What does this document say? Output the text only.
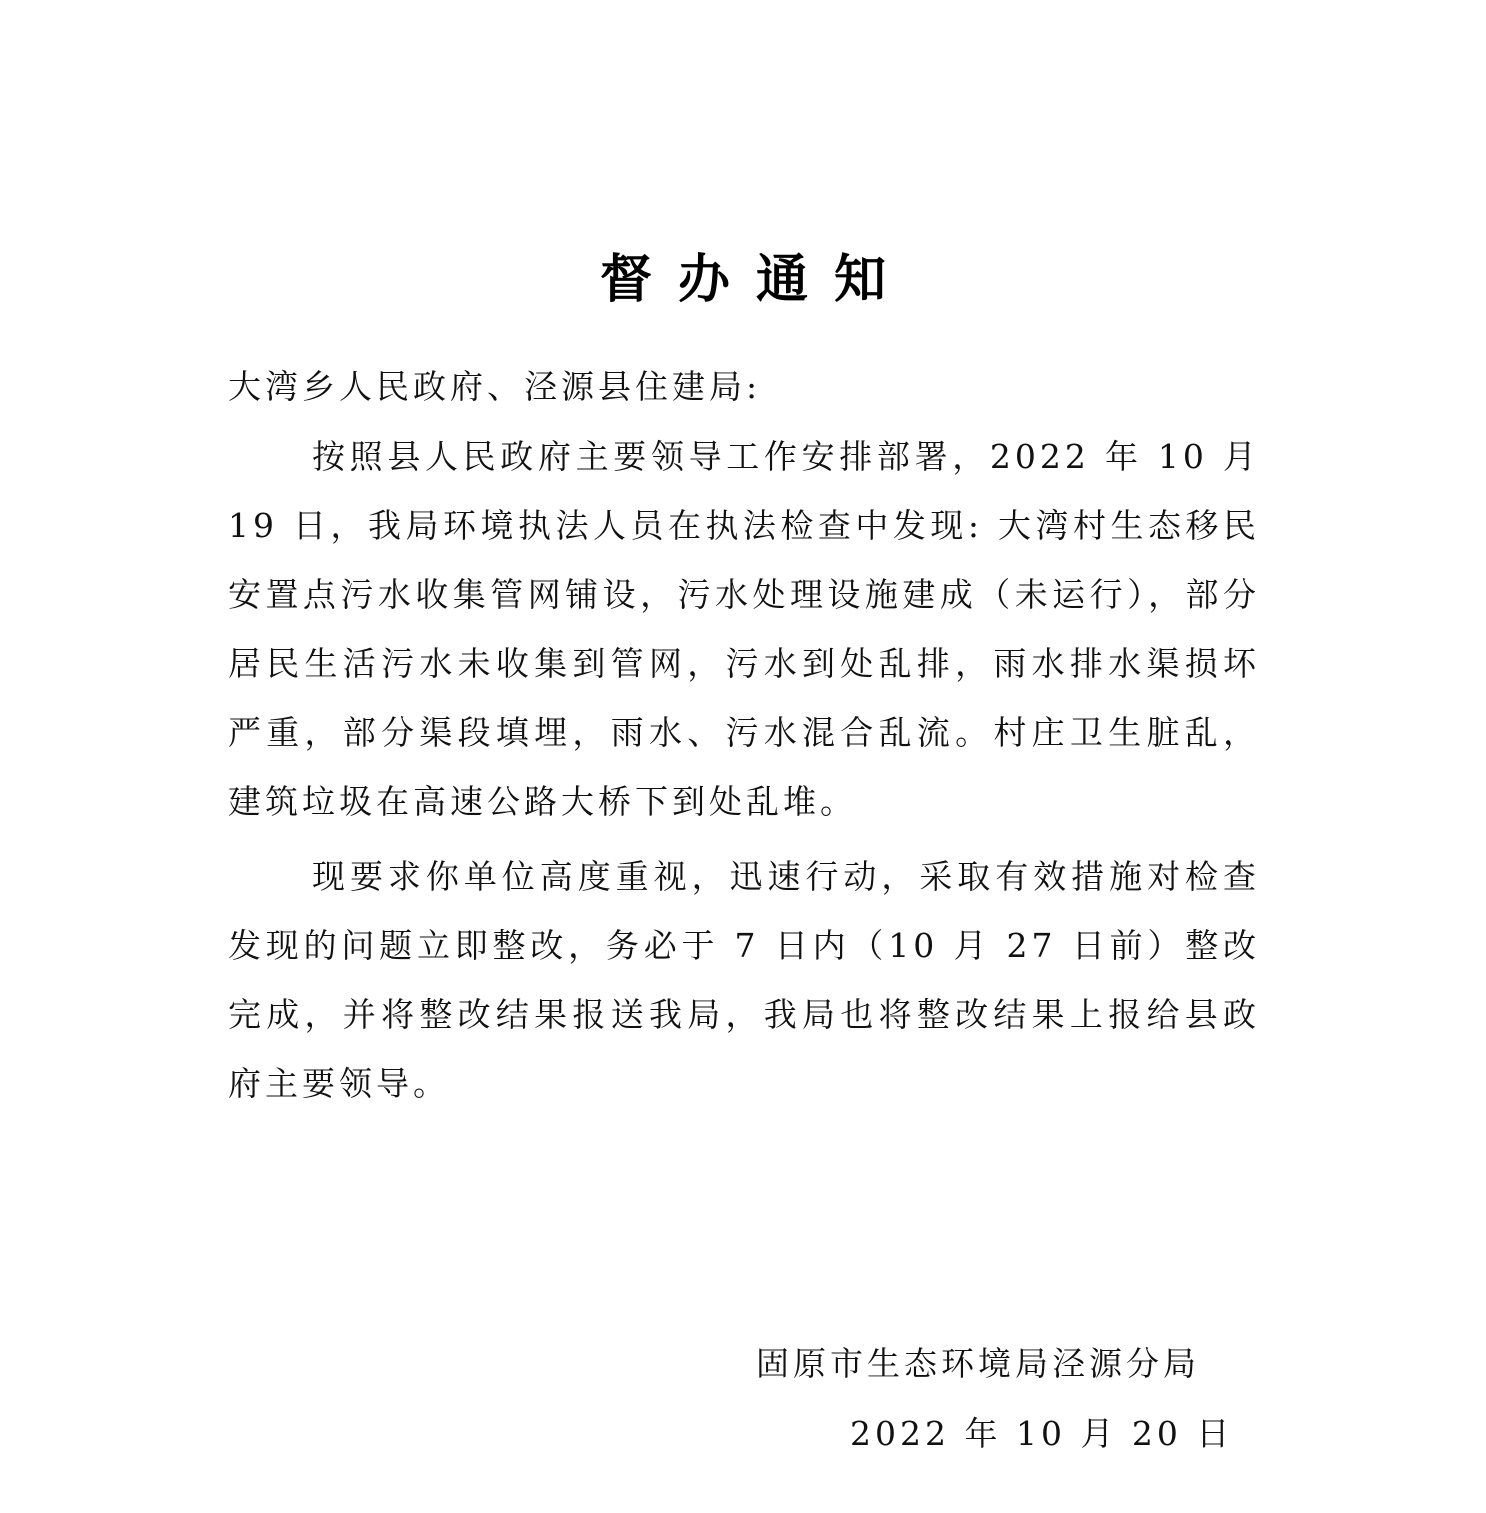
督办通知

大湾乡人民政府、泾源县住建局:

按照县人民政府主要领导工作安排部署，2022 年 10 月 19 日，我局环境执法人员在执法检查中发现: 大湾村生态移民安置点污水收集管网铺设，污水处理设施建成（未运行），部分居民生活污水未收集到管网，污水到处乱排，雨水排水渠损坏严重，部分渠段填埋，雨水、污水混合乱流。村庄卫生脏乱，建筑垃圾在高速公路大桥下到处乱堆。

现要求你单位高度重视，迅速行动，采取有效措施对检查发现的问题立即整改，务必于 7 日内（10 月 27 日前）整改完成，并将整改结果报送我局，我局也将整改结果上报给县政府主要领导。

固原市生态环境局泾源分局
2022 年 10 月 20 日
